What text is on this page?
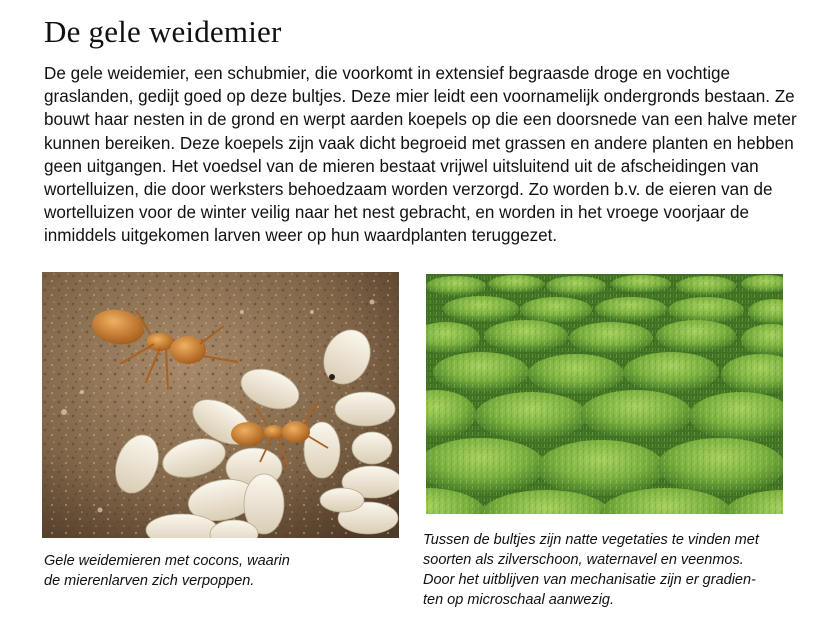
De gele weidemier

De gele weidemier, een schubmier, die voorkomt in extensief begraasde droge en vochtige graslanden, gedijt goed op deze bultjes. Deze mier leidt een voornamelijk ondergronds bestaan. Ze bouwt haar nesten in de grond en werpt aarden koepels op die een doorsnede van een halve meter kunnen bereiken. Deze koepels zijn vaak dicht begroeid met grassen en andere planten en hebben geen uitgangen. Het voedsel van de mieren bestaat vrijwel uitsluitend uit de afscheidingen van wortelluizen, die door werksters behoedzaam worden verzorgd. Zo worden b.v. de eieren van de wortelluizen voor de winter veilig naar het nest gebracht, en worden in het vroege voorjaar de inmiddels uitgekomen larven weer op hun waardplanten teruggezet.

Gele weidemieren met cocons, waarin
de mierenlarven zich verpoppen.

Tussen de bultjes zijn natte vegetaties te vinden met
soorten als zilverschoon, waternavel en veenmos.
Door het uitblijven van mechanisatie zijn er gradien-
ten op microschaal aanwezig.
